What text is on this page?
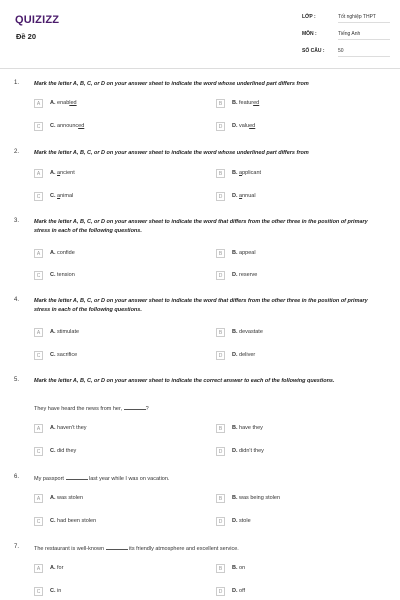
QUIZIZZ
Đề 20
LỚP :	Tốt nghiệp THPT
MÔN :	Tiếng Anh
SỐ CÂU :	50
1.	Mark the letter A, B, C, or D on your answer sheet to indicate the word whose underlined part differs from
A	A. enabled	B	B. featured
C	C. announced	D	D. valued
2.	Mark the letter A, B, C, or D on your answer sheet to indicate the word whose underlined part differs from
A	A. ancient	B	B. applicant
C	C. animal	D	D. annual
3.	Mark the letter A, B, C, or D on your answer sheet to indicate the word that differs from the other three in the position of primary stress in each of the following questions.
A	A. confide	B	B. appeal
C	C. tension	D	D. reserve
4.	Mark the letter A, B, C, or D on your answer sheet to indicate the word that differs from the other three in the position of primary stress in each of the following questions.
A	A. stimulate	B	B. devastate
C	C. sacrifice	D	D. deliver
5.	Mark the letter A, B, C, or D on your answer sheet to indicate the correct answer to each of the following questions.
They have heard the news from her,	?
A	A. haven't they	B	B. have they
C	C. did they	D	D. didn't they
6.	My passport	last year while I was on vacation.
A	A. was stolen	B	B. was being stolen
C	C. had been stolen	D	D. stole
7.	The restaurant is well-known	its friendly atmosphere and excellent service.
A	A. for	B	B. on
C	C. in	D	D. off
